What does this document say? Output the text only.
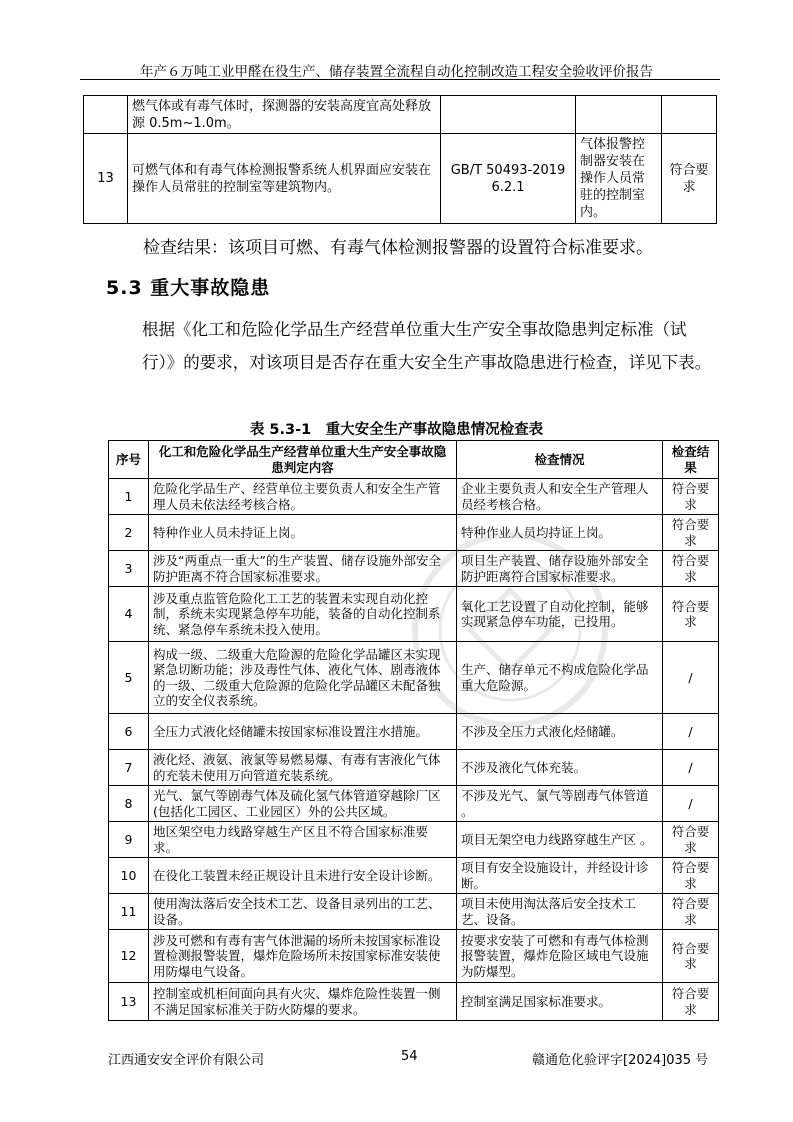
年产６万吨工业甲醛在役生产、储存装置全流程自动化控制改造工程安全验收评价报告
	燃气体或有毒气体时，探测器的安装高度宜高处释放源 0.5m~1.0m。			
13	可燃气体和有毒气体检测报警系统人机界面应安装在操作人员常驻的控制室等建筑物内。	GB/T 50493-2019 6.2.1	气体报警控制器安装在操作人员常驻的控制室内。	符合要求
检查结果：该项目可燃、有毒气体检测报警器的设置符合标准要求。
5.3 重大事故隐患
根据《化工和危险化学品生产经营单位重大生产安全事故隐患判定标准（试行）》的要求，对该项目是否存在重大安全生产事故隐患进行检查，详见下表。
表 5.3-1　重大安全生产事故隐患情况检查表
序号	化工和危险化学品生产经营单位重大生产安全事故隐患判定内容	检查情况	检查结果
1	危险化学品生产、经营单位主要负责人和安全生产管理人员未依法经考核合格。	企业主要负责人和安全生产管理人员经考核合格。	符合要求
2	特种作业人员未持证上岗。	特种作业人员均持证上岗。	符合要求
3	涉及“两重点一重大”的生产装置、储存设施外部安全防护距离不符合国家标准要求。	项目生产装置、储存设施外部安全防护距离符合国家标准要求。	符合要求
4	涉及重点监管危险化工工艺的装置未实现自动化控制，系统未实现紧急停车功能，装备的自动化控制系统、紧急停车系统未投入使用。	氧化工艺设置了自动化控制，能够实现紧急停车功能，已投用。	符合要求
5	构成一级、二级重大危险源的危险化学品罐区未实现紧急切断功能；涉及毒性气体、液化气体、剧毒液体的一级、二级重大危险源的危险化学品罐区未配备独立的安全仪表系统。	生产、储存单元不构成危险化学品重大危险源。	/
6	全压力式液化烃储罐未按国家标准设置注水措施。	不涉及全压力式液化烃储罐。	/
7	液化烃、液氨、液氯等易燃易爆、有毒有害液化气体的充装未使用万向管道充装系统。	不涉及液化气体充装。	/
8	光气、氯气等剧毒气体及硫化氢气体管道穿越除厂区(包括化工园区、工业园区）外的公共区域。	不涉及光气、氯气等剧毒气体管道 。	/
9	地区架空电力线路穿越生产区且不符合国家标准要求。	项目无架空电力线路穿越生产区 。	符合要求
10	在役化工装置未经正规设计且未进行安全设计诊断。	项目有安全设施设计，并经设计诊断。	符合要求
11	使用淘汰落后安全技术工艺、设备目录列出的工艺、设备。	项目未使用淘汰落后安全技术工艺、设备。	符合要求
12	涉及可燃和有毒有害气体泄漏的场所未按国家标准设置检测报警装置，爆炸危险场所未按国家标准安装使用防爆电气设备。	按要求安装了可燃和有毒气体检测报警装置，爆炸危险区域电气设施为防爆型。	符合要求
13	控制室或机柜间面向具有火灾、爆炸危险性装置一侧不满足国家标准关于防火防爆的要求。	控制室满足国家标准要求。	符合要求
江西通安安全评价有限公司	54	赣通危化验评字[2024]035 号
